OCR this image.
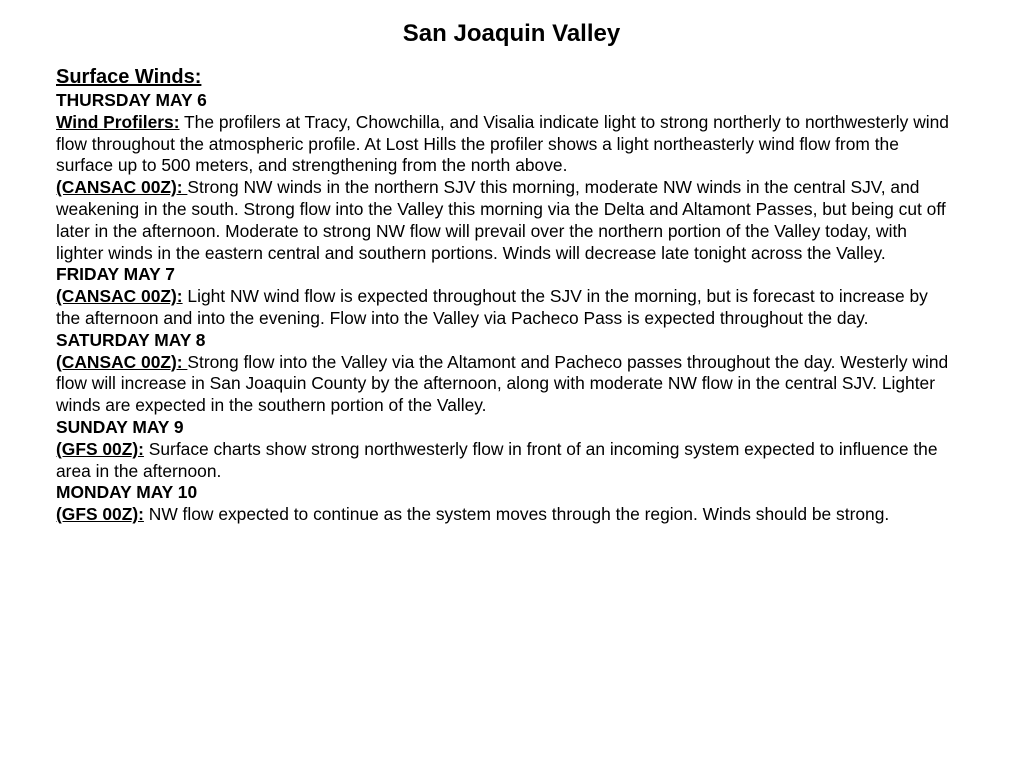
San Joaquin Valley
Surface Winds:
THURSDAY MAY 6

Wind Profilers: The profilers at Tracy, Chowchilla, and Visalia indicate light to strong northerly to northwesterly wind flow throughout the atmospheric profile. At Lost Hills the profiler shows a light northeasterly wind flow from the surface up to 500 meters, and strengthening from the north above.

(CANSAC 00Z): Strong NW winds in the northern SJV this morning, moderate NW winds in the central SJV, and weakening in the south. Strong flow into the Valley this morning via the Delta and Altamont Passes, but being cut off later in the afternoon. Moderate to strong NW flow will prevail over the northern portion of the Valley today, with lighter winds in the eastern central and southern portions. Winds will decrease late tonight across the Valley.

FRIDAY MAY 7

(CANSAC 00Z): Light NW wind flow is expected throughout the SJV in the morning, but is forecast to increase by the afternoon and into the evening. Flow into the Valley via Pacheco Pass is expected throughout the day.

SATURDAY MAY 8

(CANSAC 00Z): Strong flow into the Valley via the Altamont and Pacheco passes throughout the day. Westerly wind flow will increase in San Joaquin County by the afternoon, along with moderate NW flow in the central SJV. Lighter winds are expected in the southern portion of the Valley.

SUNDAY MAY 9

(GFS 00Z): Surface charts show strong northwesterly flow in front of an incoming system expected to influence the area in the afternoon.

MONDAY MAY 10

(GFS 00Z): NW flow expected to continue as the system moves through the region. Winds should be strong.
